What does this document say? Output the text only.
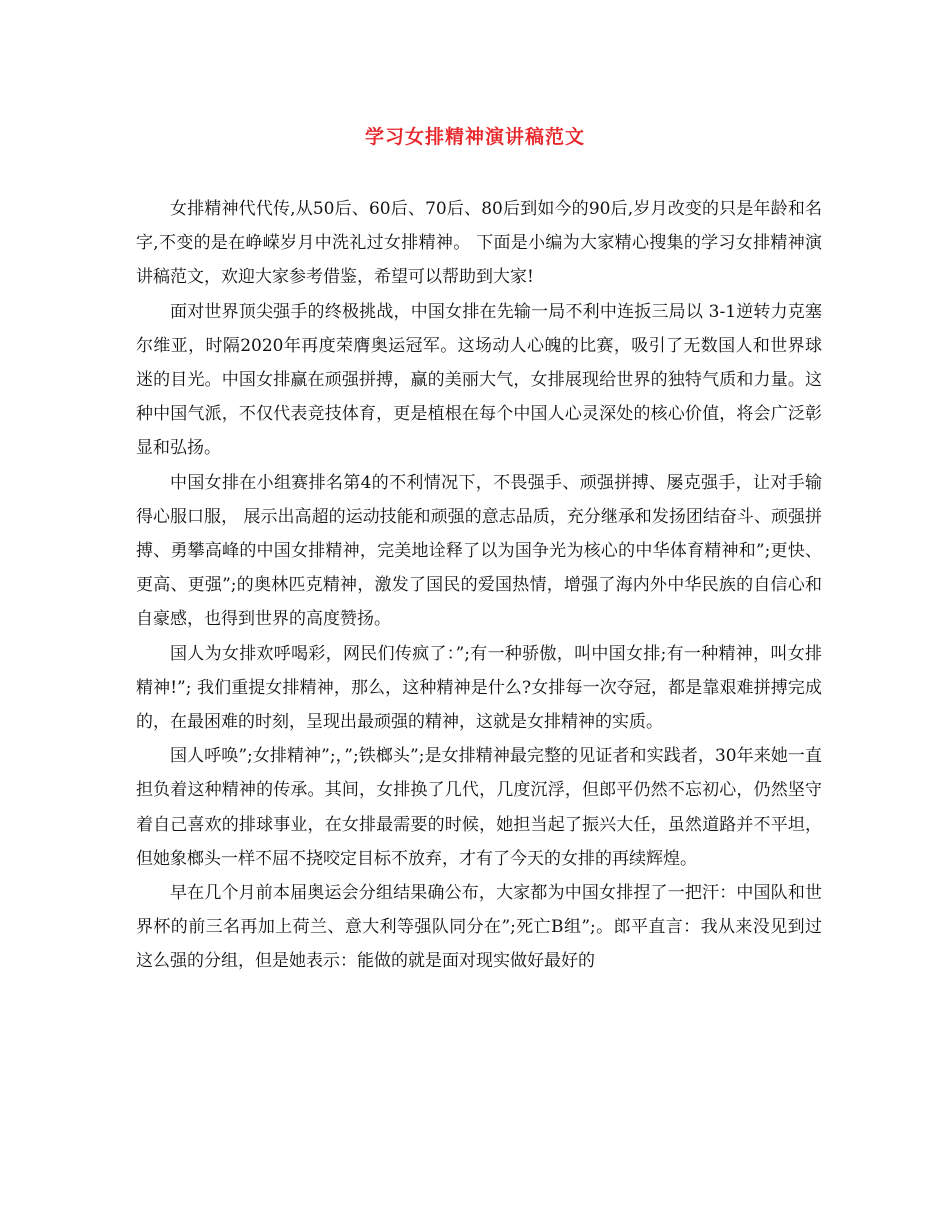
学习女排精神演讲稿范文

女排精神代代传,从50后、60后、70后、80后到如今的90后,岁月改变的只是年龄和名字,不变的是在峥嵘岁月中洗礼过女排精神。 下面是小编为大家精心搜集的学习女排精神演讲稿范文，欢迎大家参考借鉴，希望可以帮助到大家!

面对世界顶尖强手的终极挑战，中国女排在先输一局不利中连扳三局以 3-1逆转力克塞尔维亚，时隔2020年再度荣膺奥运冠军。这场动人心魄的比赛，吸引了无数国人和世界球迷的目光。中国女排赢在顽强拼搏，赢的美丽大气，女排展现给世界的独特气质和力量。这种中国气派，不仅代表竞技体育，更是植根在每个中国人心灵深处的核心价值，将会广泛彰显和弘扬。

中国女排在小组赛排名第4的不利情况下，不畏强手、顽强拼搏、屡克强手，让对手输得心服口服， 展示出高超的运动技能和顽强的意志品质，充分继承和发扬团结奋斗、顽强拼搏、勇攀高峰的中国女排精神，完美地诠释了以为国争光为核心的中华体育精神和”;更快、更高、更强”;的奥林匹克精神，激发了国民的爱国热情，增强了海内外中华民族的自信心和自豪感，也得到世界的高度赞扬。

国人为女排欢呼喝彩，网民们传疯了：”;有一种骄傲，叫中国女排;有一种精神，叫女排精神!”; 我们重提女排精神，那么，这种精神是什么?女排每一次夺冠，都是靠艰难拼搏完成的，在最困难的时刻，呈现出最顽强的精神，这就是女排精神的实质。

国人呼唤”;女排精神”;，”;铁榔头”;是女排精神最完整的见证者和实践者，30年来她一直担负着这种精神的传承。其间，女排换了几代，几度沉浮，但郎平仍然不忘初心，仍然坚守着自己喜欢的排球事业，在女排最需要的时候，她担当起了振兴大任，虽然道路并不平坦，但她象榔头一样不屈不挠咬定目标不放弃，才有了今天的女排的再续辉煌。

早在几个月前本届奥运会分组结果确公布，大家都为中国女排捏了一把汗：中国队和世界杯的前三名再加上荷兰、意大利等强队同分在”;死亡B组”;。郎平直言：我从来没见到过这么强的分组，但是她表示：能做的就是面对现实做好最好的
